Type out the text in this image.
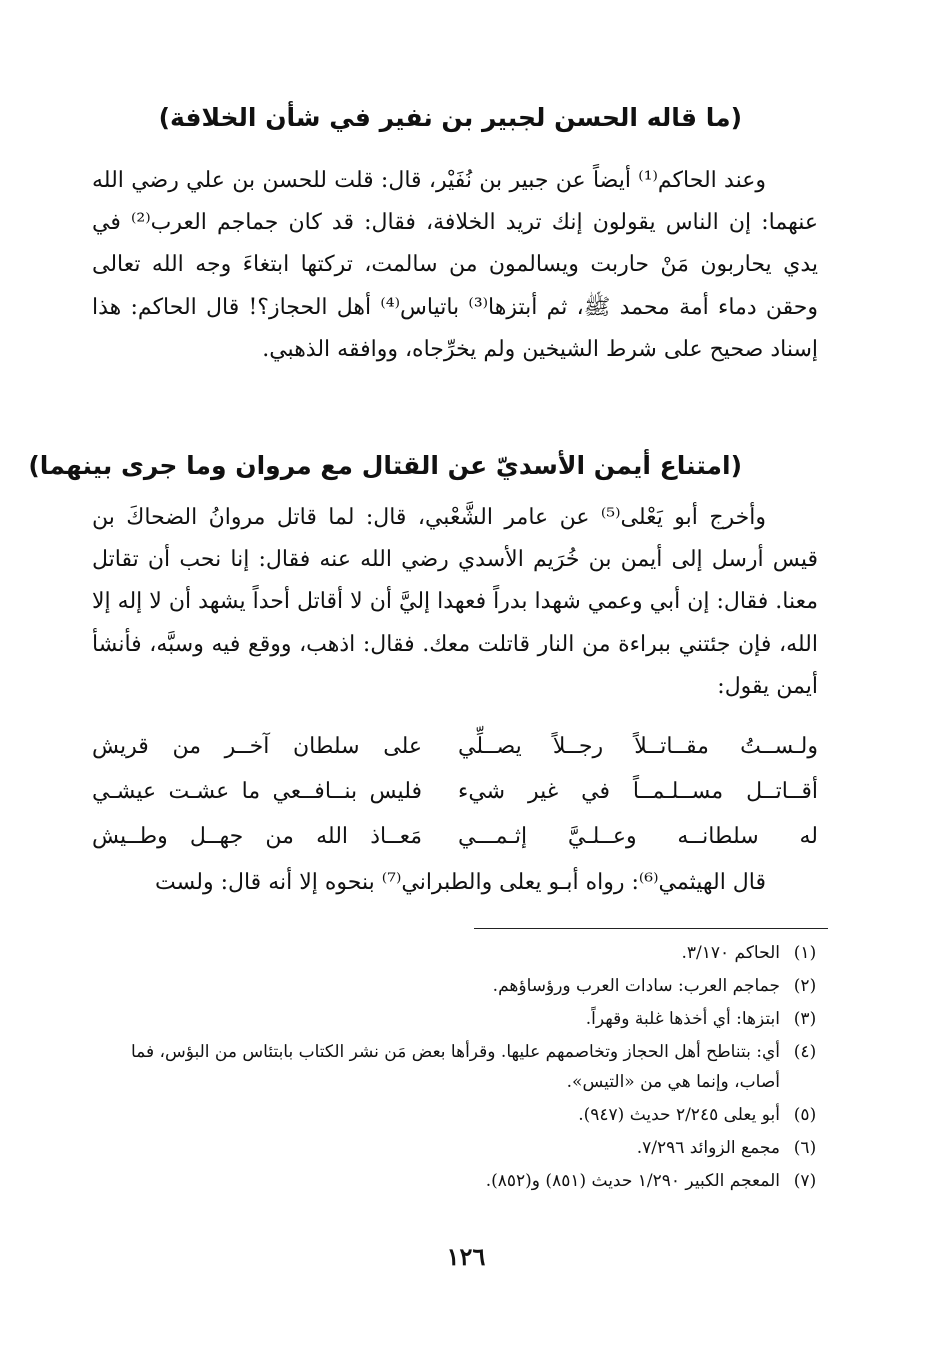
(ما قاله الحسن لجبير بن نفير في شأن الخلافة)

وعند الحاكم⁽¹⁾ أيضاً عن جبير بن نُفَيْر، قال: قلت للحسن بن علي رضي الله عنهما: إن الناس يقولون إنك تريد الخلافة، فقال: قد كان جماجم العرب⁽²⁾ في يدي يحاربون مَنْ حاربت ويسالمون من سالمت، تركتها ابتغاءَ وجه الله تعالى وحقن دماء أمة محمد ﷺ، ثم أبتزها⁽³⁾ باتياس⁽⁴⁾ أهل الحجاز؟! قال الحاكم: هذا إسناد صحيح على شرط الشيخين ولم يخرِّجاه، ووافقه الذهبي.

(امتناع أيمن الأسديّ عن القتال مع مروان وما جرى بينهما)

وأخرج أبو يَعْلى⁽⁵⁾ عن عامر الشَّعْبي، قال: لما قاتل مروانُ الضحاكَ بن قيس أرسل إلى أيمن بن خُرَيم الأسدي رضي الله عنه فقال: إنا نحب أن تقاتل معنا. فقال: إن أبي وعمي شهدا بدراً فعهدا إليَّ أن لا أقاتل أحداً يشهد أن لا إله إلا الله، فإن جئتني ببراءة من النار قاتلت معك. فقال: اذهب، ووقع فيه وسبَّه، فأنشأ أيمن يقول:

ولـســتُ مقــاتــلاً رجــلاً يصــلِّي
على سلطان آخــر من قريش
أقــاتــل مســلـمــاً في غير شيء
فليس بنــافــعي ما عشـت عيشـي
له سلطانــه وعــلـيَّ إثـمـــي
مَعــاذ الله من جهــل وطــيش

قال الهيثمي⁽⁶⁾: رواه أبـو يعلى والطبراني⁽⁷⁾ بنحوه إلا أنه قال: ولست

(١)
الحاكم ٣/١٧٠.
(٢)
جماجم العرب: سادات العرب ورؤساؤهم.
(٣)
ابتزها: أي أخذها غلبة وقهراً.
(٤)
أي: بتناطح أهل الحجاز وتخاصمهم عليها. وقرأها بعض مَن نشر الكتاب بابتئاس من البؤس، فما أصاب، وإنما هي من «التيس».
(٥)
أبو يعلى ٢/٢٤٥ حديث (٩٤٧).
(٦)
مجمع الزوائد ٧/٢٩٦.
(٧)
المعجم الكبير ١/٢٩٠ حديث (٨٥١) و(٨٥٢).
١٢٦
